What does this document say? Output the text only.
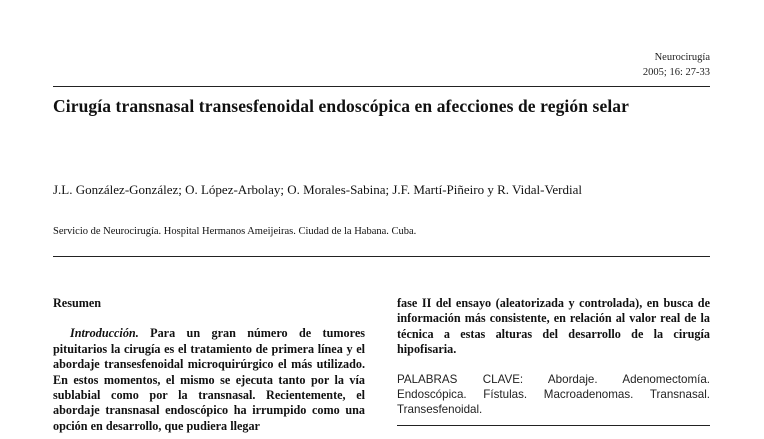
Neurocirugía
2005; 16: 27-33
Cirugía transnasal transesfenoidal endoscópica en afecciones de región selar
J.L. González-González; O. López-Arbolay; O. Morales-Sabina; J.F. Martí-Piñeiro y R. Vidal-Verdial
Servicio de Neurocirugía. Hospital Hermanos Ameijeiras. Ciudad de la Habana. Cuba.

Resumen

Introducción. Para un gran número de tumores pituitarios la cirugía es el tratamiento de primera línea y el abordaje transesfenoidal microquirúrgico el más utilizado. En estos momentos, el mismo se ejecuta tanto por la vía sublabial como por la transnasal. Recientemente, el abordaje transnasal endoscópico ha irrumpido como una opción en desarrollo, que pudiera llegar

fase II del ensayo (aleatorizada y controlada), en busca de información más consistente, en relación al valor real de la técnica a estas alturas del desarrollo de la cirugía hipofisaria.

PALABRAS CLAVE: Abordaje. Adenomectomía. Endoscópica. Fístulas. Macroadenomas. Transnasal. Transesfenoidal.
